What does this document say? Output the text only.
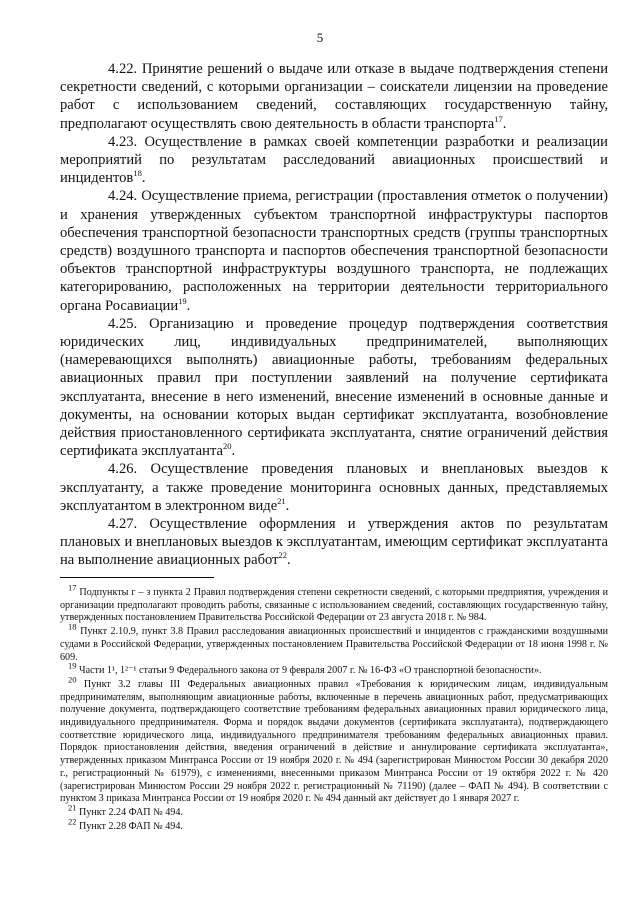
5

4.22. Принятие решений о выдаче или отказе в выдаче подтверждения степени секретности сведений, с которыми организации – соискатели лицензии на проведение работ с использованием сведений, составляющих государственную тайну, предполагают осуществлять свою деятельность в области транспорта$^{17}$.

4.23. Осуществление в рамках своей компетенции разработки и реализации мероприятий по результатам расследований авиационных происшествий и инцидентов$^{18}$.

4.24. Осуществление приема, регистрации (проставления отметок о получении) и хранения утвержденных субъектом транспортной инфраструктуры паспортов обеспечения транспортной безопасности транспортных средств (группы транспортных средств) воздушного транспорта и паспортов обеспечения транспортной безопасности объектов транспортной инфраструктуры воздушного транспорта, не подлежащих категорированию, расположенных на территории деятельности территориального органа Росавиации$^{19}$.

4.25. Организацию и проведение процедур подтверждения соответствия юридических лиц, индивидуальных предпринимателей, выполняющих (намеревающихся выполнять) авиационные работы, требованиям федеральных авиационных правил при поступлении заявлений на получение сертификата эксплуатанта, внесение в него изменений, внесение изменений в основные данные и документы, на основании которых выдан сертификат эксплуатанта, возобновление действия приостановленного сертификата эксплуатанта, снятие ограничений действия сертификата эксплуатанта$^{20}$.

4.26. Осуществление проведения плановых и внеплановых выездов к эксплуатанту, а также проведение мониторинга основных данных, представляемых эксплуатантом в электронном виде$^{21}$.

4.27. Осуществление оформления и утверждения актов по результатам плановых и внеплановых выездов к эксплуатантам, имеющим сертификат эксплуатанта на выполнение авиационных работ$^{22}$.

$^{17}$ Подпункты г – з пункта 2 Правил подтверждения степени секретности сведений, с которыми предприятия, учреждения и организации предполагают проводить работы, связанные с использованием сведений, составляющих государственную тайну, утвержденных постановлением Правительства Российской Федерации от 23 августа 2018 г. № 984.

$^{18}$ Пункт 2.10.9, пункт 3.8 Правил расследования авиационных происшествий и инцидентов с гражданскими воздушными судами в Российской Федерации, утвержденных постановлением Правительства Российской Федерации от 18 июня 1998 г. № 609.

$^{19}$ Части 1¹, 1²⁻¹ статьи 9 Федерального закона от 9 февраля 2007 г. № 16-ФЗ «О транспортной безопасности».

$^{20}$ Пункт 3.2 главы III Федеральных авиационных правил «Требования к юридическим лицам, индивидуальным предпринимателям, выполняющим авиационные работы, включенные в перечень авиационных работ, предусматривающих получение документа, подтверждающего соответствие требованиям федеральных авиационных правил юридического лица, индивидуального предпринимателя. Форма и порядок выдачи документов (сертификата эксплуатанта), подтверждающего соответствие юридического лица, индивидуального предпринимателя требованиям федеральных авиационных правил. Порядок приостановления действия, введения ограничений в действие и аннулирование сертификата эксплуатанта», утвержденных приказом Минтранса России от 19 ноября 2020 г. № 494 (зарегистрирован Минюстом России 30 декабря 2020 г., регистрационный № 61979), с изменениями, внесенными приказом Минтранса России от 19 октября 2022 г. № 420 (зарегистрирован Минюстом России 29 ноября 2022 г. регистрационный № 71190) (далее – ФАП № 494). В соответствии с пунктом 3 приказа Минтранса России от 19 ноября 2020 г. № 494 данный акт действует до 1 января 2027 г.

$^{21}$ Пункт 2.24 ФАП № 494.

$^{22}$ Пункт 2.28 ФАП № 494.
